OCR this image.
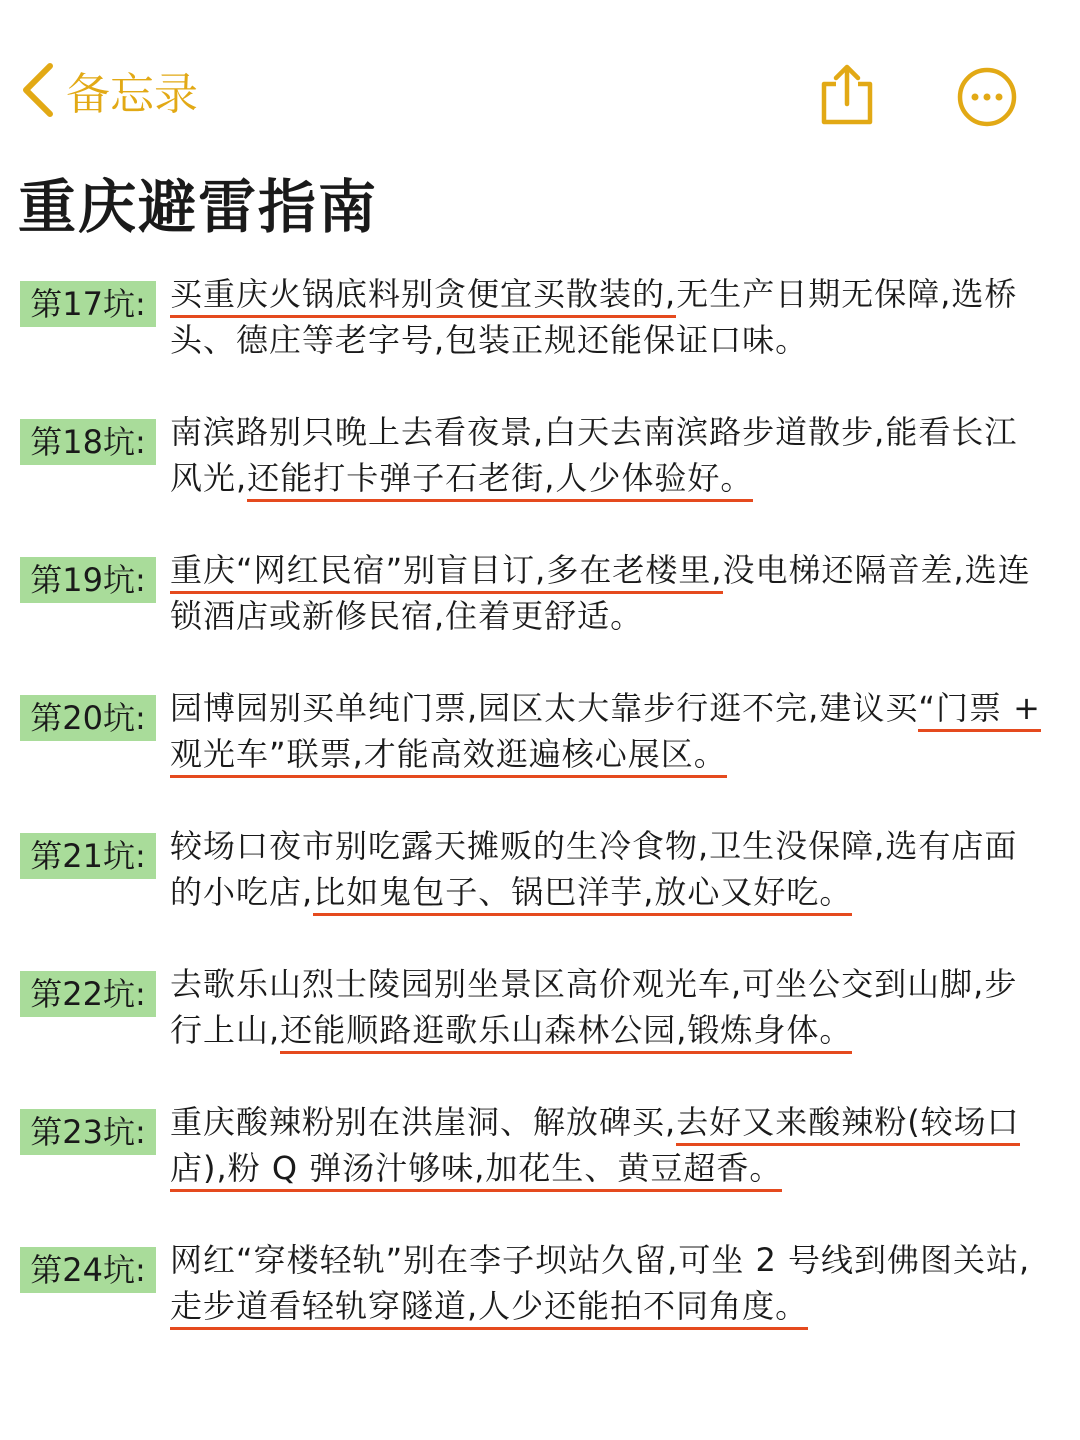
备忘录
重庆避雷指南
第17坑: 买重庆火锅底料别贪便宜买散装的,无生产日期无保障,选桥头、德庄等老字号,包装正规还能保证口味。

第18坑: 南滨路别只晚上去看夜景,白天去南滨路步道散步,能看长江风光,还能打卡弹子石老街,人少体验好。

第19坑: 重庆“网红民宿”别盲目订,多在老楼里,没电梯还隔音差,选连锁酒店或新修民宿,住着更舒适。

第20坑: 园博园别买单纯门票,园区太大靠步行逛不完,建议买“门票 + 观光车”联票,才能高效逛遍核心展区。

第21坑: 较场口夜市别吃露天摊贩的生冷食物,卫生没保障,选有店面的小吃店,比如鬼包子、锅巴洋芋,放心又好吃。

第22坑: 去歌乐山烈士陵园别坐景区高价观光车,可坐公交到山脚,步行上山,还能顺路逛歌乐山森林公园,锻炼身体。

第23坑: 重庆酸辣粉别在洪崖洞、解放碑买,去好又来酸辣粉(较场口店),粉 Q 弹汤汁够味,加花生、黄豆超香。

第24坑: 网红“穿楼轻轨”别在李子坝站久留,可坐 2 号线到佛图关站,走步道看轻轨穿隧道,人少还能拍不同角度。
